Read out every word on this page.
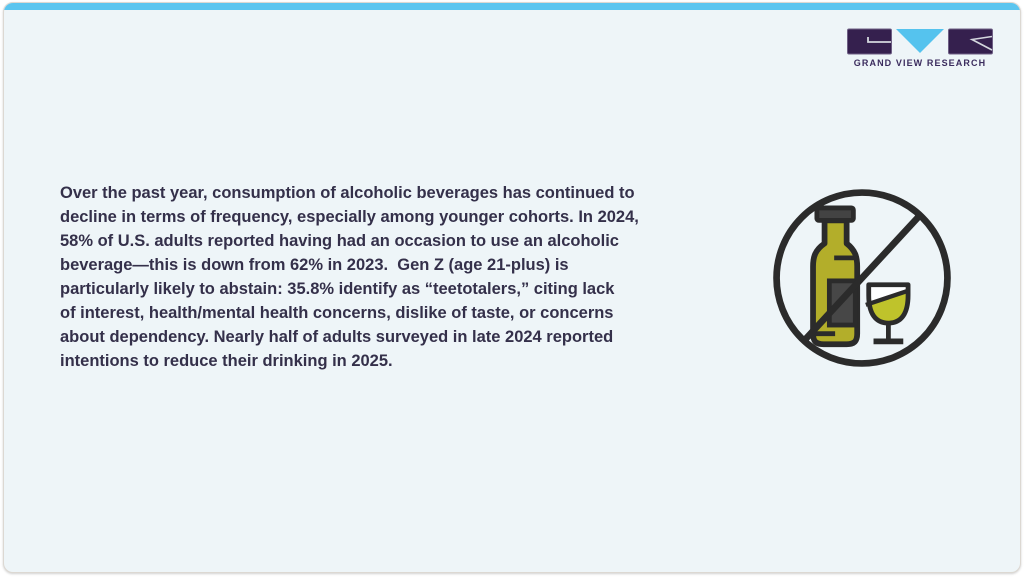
GRAND VIEW RESEARCH
Over the past year, consumption of alcoholic beverages has continued to
decline in terms of frequency, especially among younger cohorts. In 2024,
58% of U.S. adults reported having had an occasion to use an alcoholic
beverage—this is down from 62% in 2023.  Gen Z (age 21-plus) is
particularly likely to abstain: 35.8% identify as “teetotalers,” citing lack
of interest, health/mental health concerns, dislike of taste, or concerns
about dependency. Nearly half of adults surveyed in late 2024 reported
intentions to reduce their drinking in 2025.
